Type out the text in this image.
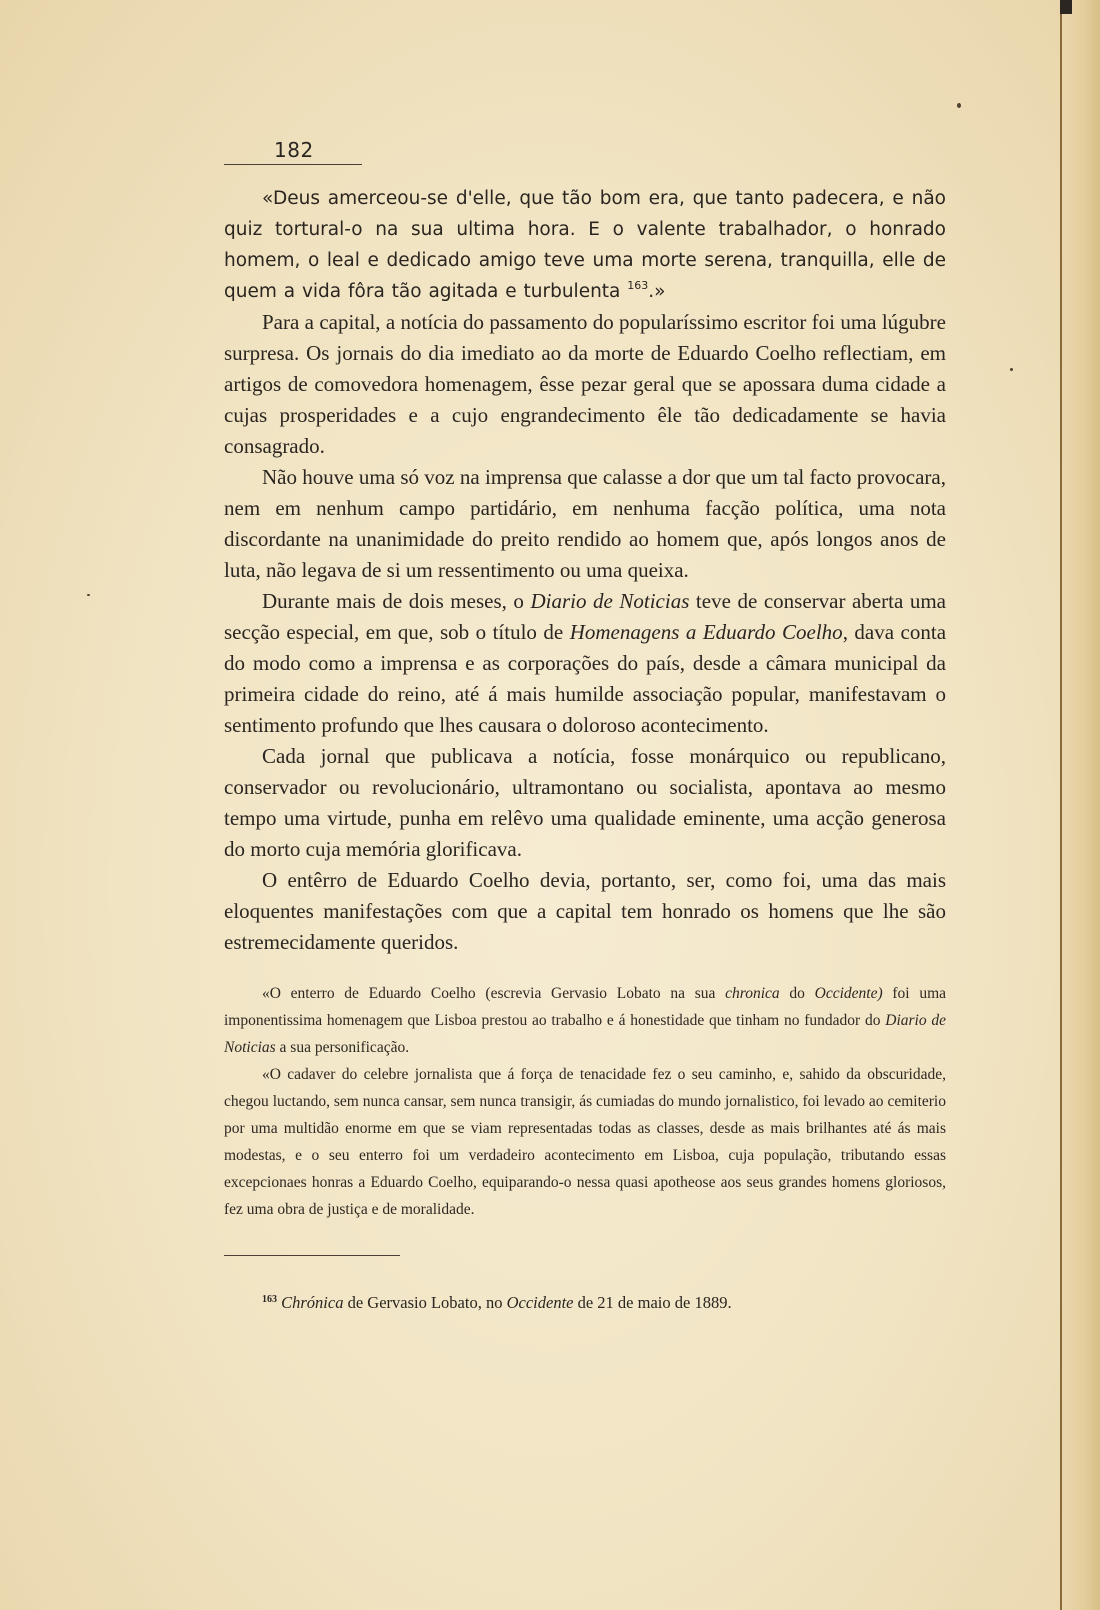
182

«Deus amerceou-se d'elle, que tão bom era, que tanto padecera, e não quiz tortural-o na sua ultima hora. E o valente trabalhador, o honrado homem, o leal e dedicado amigo teve uma morte serena, tranquilla, elle de quem a vida fôra tão agitada e turbulenta $^{163}$.»

Para a capital, a notícia do passamento do popularíssimo escritor foi uma lúgubre surpresa. Os jornais do dia imediato ao da morte de Eduardo Coelho reflectiam, em artigos de comovedora homenagem, êsse pezar geral que se apossara duma cidade a cujas prosperidades e a cujo engrandecimento êle tão dedicadamente se havia consagrado.

Não houve uma só voz na imprensa que calasse a dor que um tal facto provocara, nem em nenhum campo partidário, em nenhuma facção política, uma nota discordante na unanimidade do preito rendido ao homem que, após longos anos de luta, não legava de si um ressentimento ou uma queixa.

Durante mais de dois meses, o Diario de Noticias teve de conservar aberta uma secção especial, em que, sob o título de Homenagens a Eduardo Coelho, dava conta do modo como a imprensa e as corporações do país, desde a câmara municipal da primeira cidade do reino, até á mais humilde associação popular, manifestavam o sentimento profundo que lhes causara o doloroso acontecimento.

Cada jornal que publicava a notícia, fosse monárquico ou republicano, conservador ou revolucionário, ultramontano ou socialista, apontava ao mesmo tempo uma virtude, punha em relêvo uma qualidade eminente, uma acção generosa do morto cuja memória glorificava.

O entêrro de Eduardo Coelho devia, portanto, ser, como foi, uma das mais eloquentes manifestações com que a capital tem honrado os homens que lhe são estremecidamente queridos.

«O enterro de Eduardo Coelho (escrevia Gervasio Lobato na sua chronica do Occidente) foi uma imponentissima homenagem que Lisboa prestou ao trabalho e á honestidade que tinham no fundador do Diario de Noticias a sua personificação.

«O cadaver do celebre jornalista que á força de tenacidade fez o seu caminho, e, sahido da obscuridade, chegou luctando, sem nunca cansar, sem nunca transigir, ás cumiadas do mundo jornalistico, foi levado ao cemiterio por uma multidão enorme em que se viam representadas todas as classes, desde as mais brilhantes até ás mais modestas, e o seu enterro foi um verdadeiro acontecimento em Lisboa, cuja população, tributando essas excepcionaes honras a Eduardo Coelho, equiparando-o nessa quasi apotheose aos seus grandes homens gloriosos, fez uma obra de justiça e de moralidade.

$^{163}$ Chrónica de Gervasio Lobato, no Occidente de 21 de maio de 1889.
